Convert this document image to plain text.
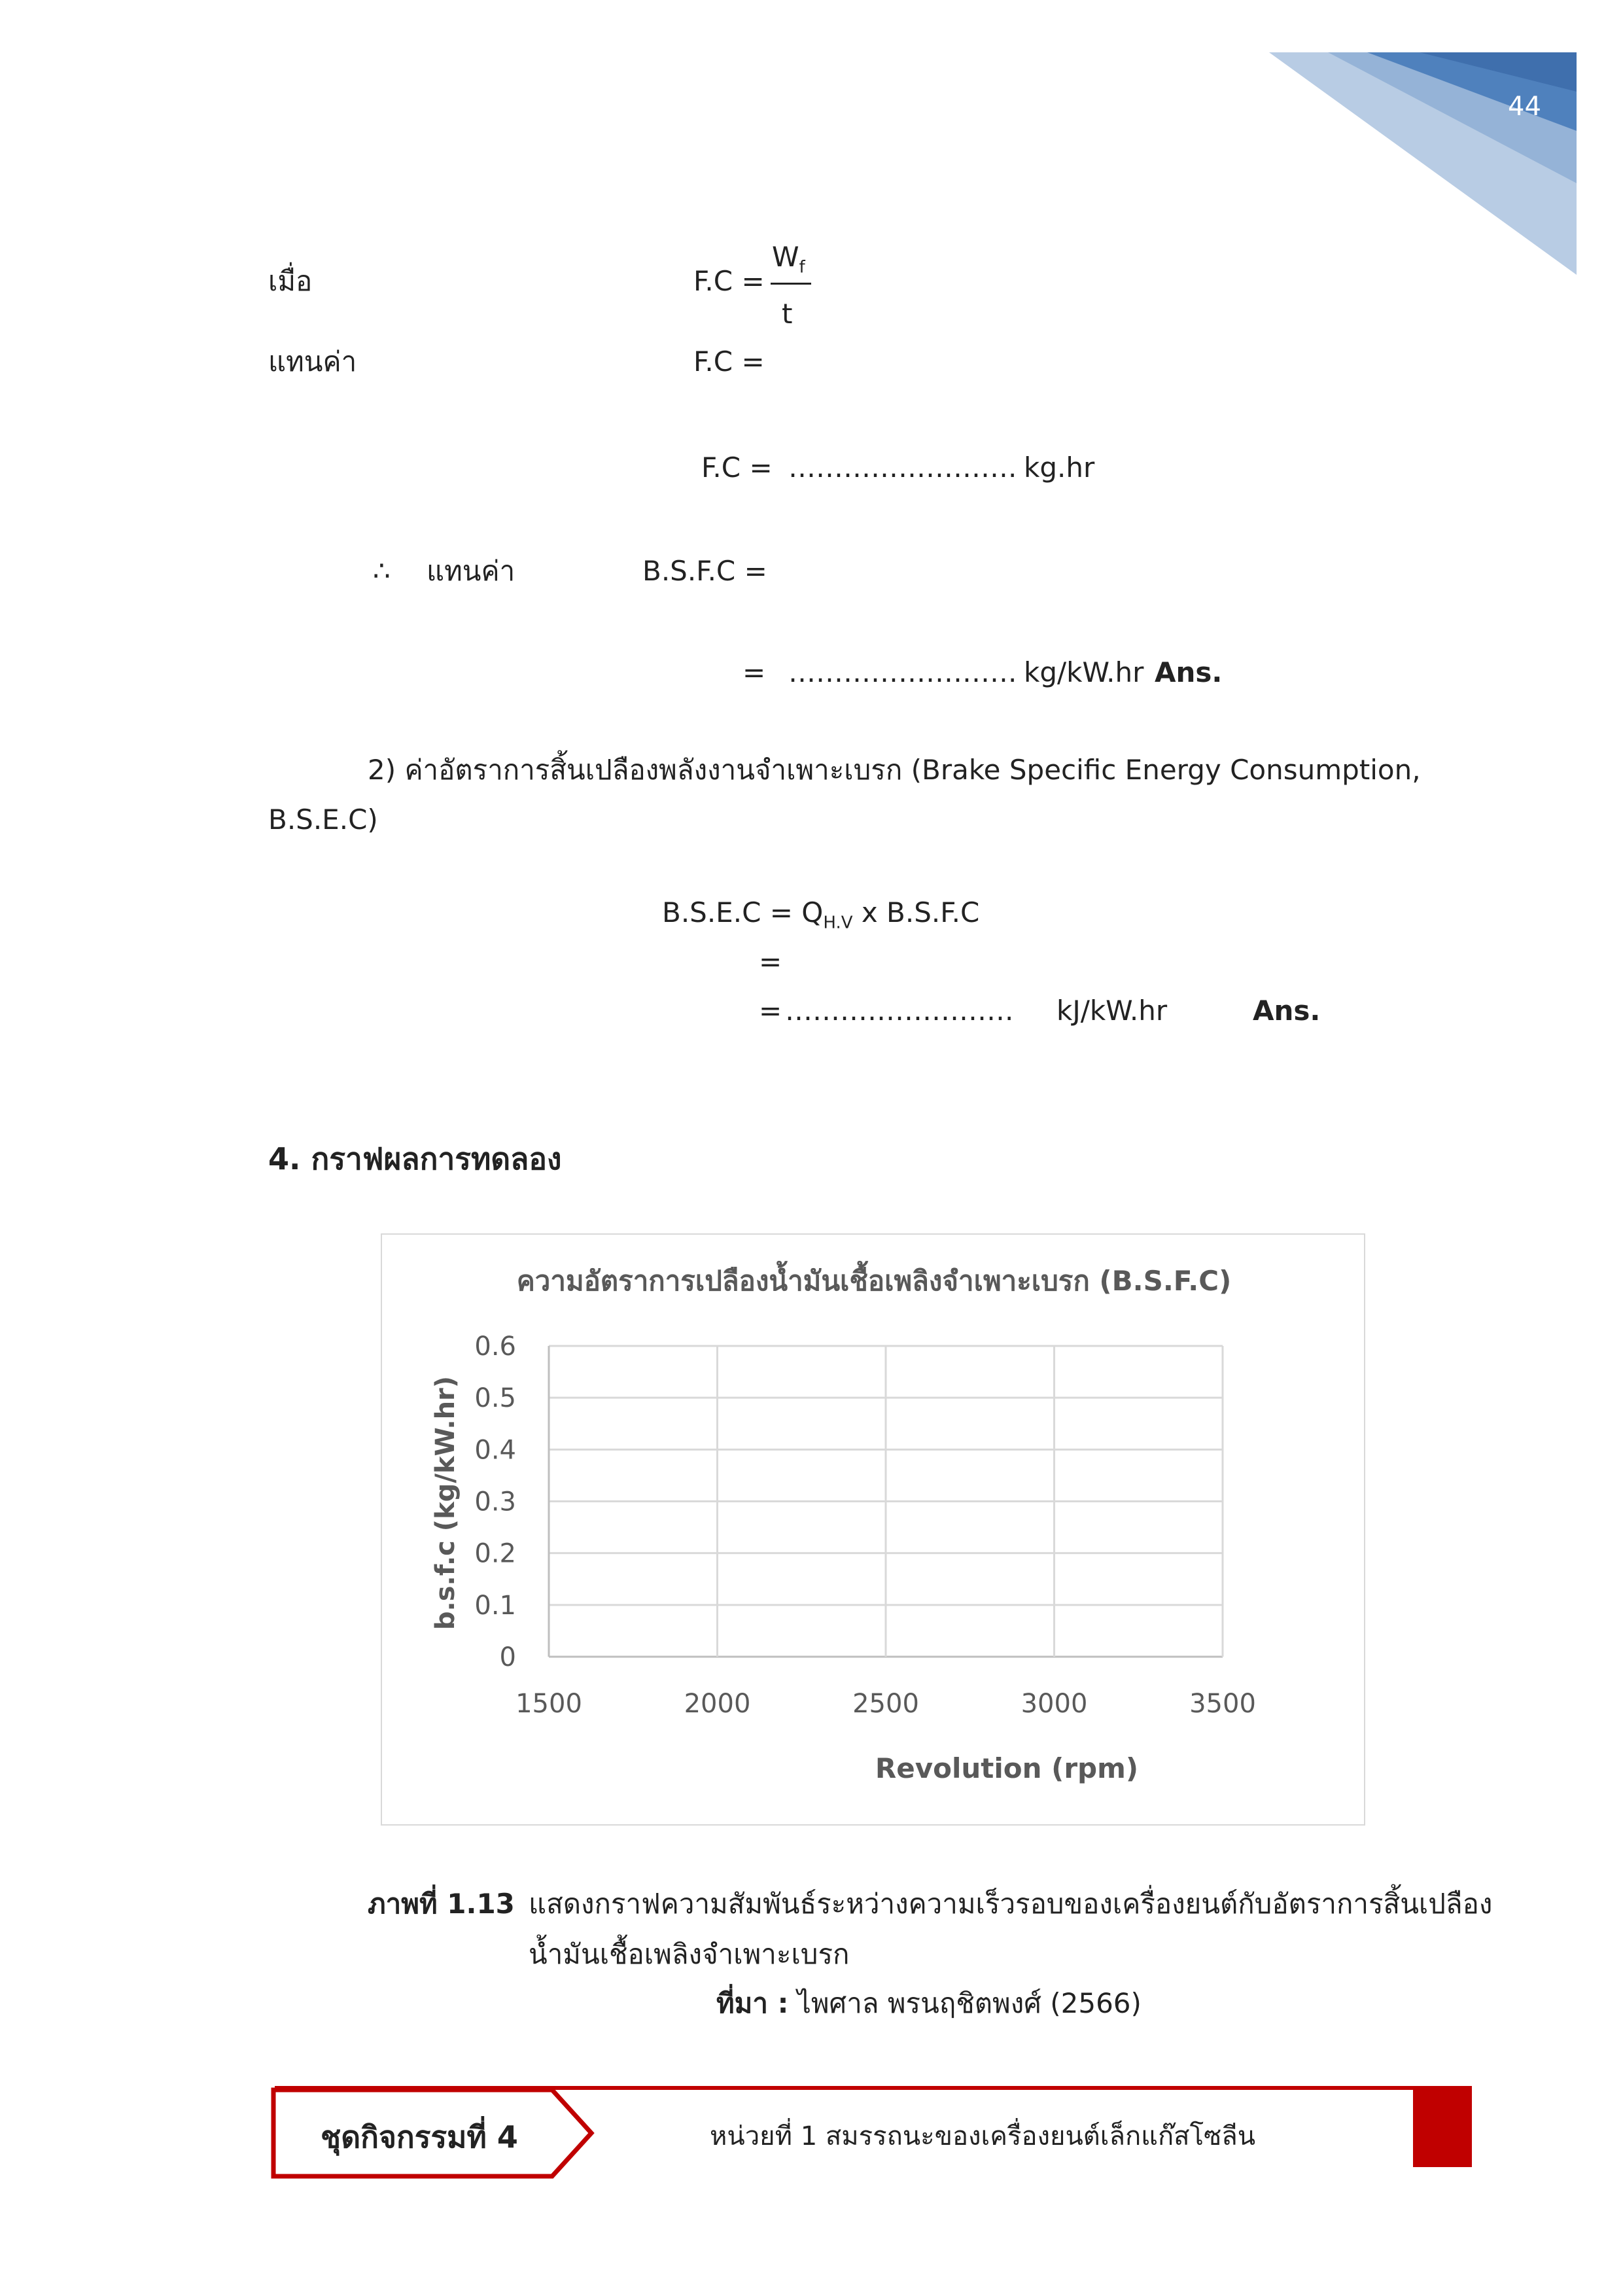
44
เมื่อ	F.C =
$W_f$
t
แทนค่า	F.C =
F.C = ……………………. kg.hr
∴ แทนค่า	B.S.F.C =
= ……………………. kg/kW.hr Ans.
2) ค่าอัตราการสิ้นเปลืองพลังงานจำเพาะเบรก (Brake Specific Energy Consumption,
B.S.E.C)
$B.S.E.C = Q_{H.V}$ x B.S.F.C
=
= ……………………. kJ/kW.hr	Ans.
4. กราฟผลการทดลอง
ความอัตราการเปลืองน้ำมันเชื้อเพลิงจำเพาะเบรก (B.S.F.C)
0
0.1
0.2
0.3
0.4
0.5
0.6
1500	2000	2500	3000	3500
Revolution (rpm)
b.s.f.c (kg/kW.hr)
ภาพที่ 1.13 แสดงกราฟความสัมพันธ์ระหว่างความเร็วรอบของเครื่องยนต์กับอัตราการสิ้นเปลือง
น้ำมันเชื้อเพลิงจำเพาะเบรก
ที่มา : ไพศาล พรนฤชิตพงศ์ (2566)
ชุดกิจกรรมที่ 4	หน่วยที่ 1 สมรรถนะของเครื่องยนต์เล็กแก๊สโซลีน
